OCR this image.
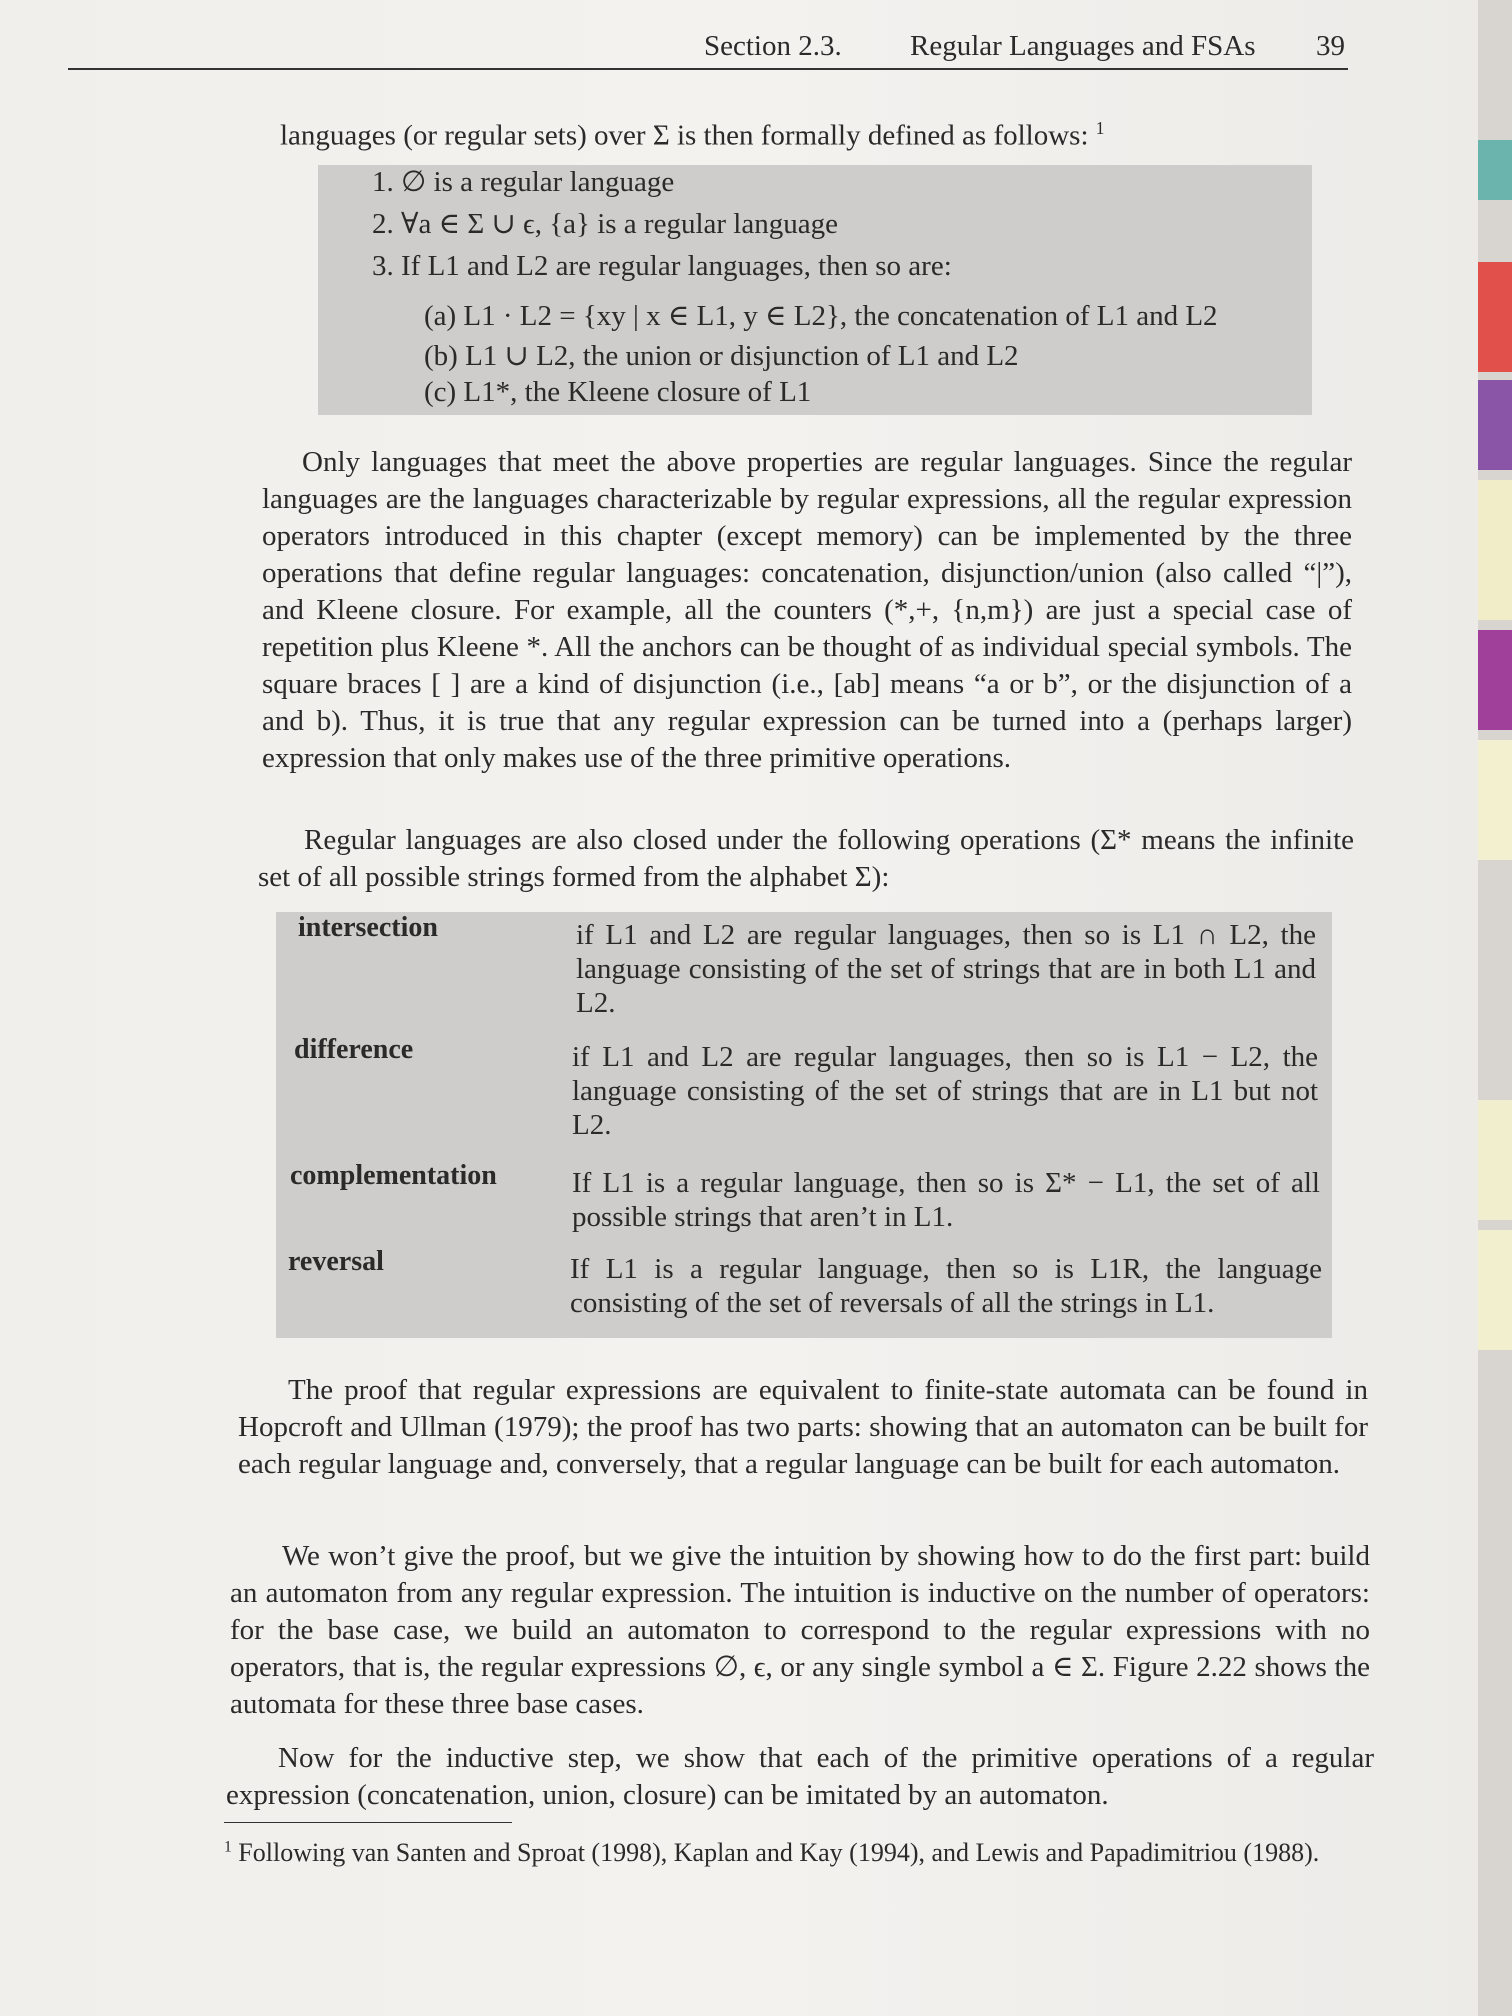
Section 2.3. Regular Languages and FSAs 39
languages (or regular sets) over Σ is then formally defined as follows: $^1$
1. ∅ is a regular language
2. ∀a ∈ Σ ∪ ϵ, {a} is a regular language
3. If L1 and L2 are regular languages, then so are:
(a) L1 · L2 = {xy | x ∈ L1, y ∈ L2}, the concatenation of L1 and L2
(b) L1 ∪ L2, the union or disjunction of L1 and L2
(c) L1*, the Kleene closure of L1
Only languages that meet the above properties are regular languages. Since the regular languages are the languages characterizable by regular expressions, all the regular expression operators introduced in this chapter (except memory) can be implemented by the three operations that define regular languages: concatenation, disjunction/union (also called “|”), and Kleene closure. For example, all the counters (*,+, {n,m}) are just a special case of repetition plus Kleene *. All the anchors can be thought of as individual special symbols. The square braces [ ] are a kind of disjunction (i.e., [ab] means “a or b”, or the disjunction of a and b). Thus, it is true that any regular expression can be turned into a (perhaps larger) expression that only makes use of the three primitive operations.
Regular languages are also closed under the following operations (Σ* means the infinite set of all possible strings formed from the alphabet Σ):
intersection	if L1 and L2 are regular languages, then so is L1 ∩ L2, the language consisting of the set of strings that are in both L1 and L2.
difference	if L1 and L2 are regular languages, then so is L1 − L2, the language consisting of the set of strings that are in L1 but not L2.
complementation	If L1 is a regular language, then so is Σ* − L1, the set of all possible strings that aren’t in L1.
reversal	If L1 is a regular language, then so is L1R, the language consisting of the set of reversals of all the strings in L1.
The proof that regular expressions are equivalent to finite-state automata can be found in Hopcroft and Ullman (1979); the proof has two parts: showing that an automaton can be built for each regular language and, conversely, that a regular language can be built for each automaton.
We won’t give the proof, but we give the intuition by showing how to do the first part: build an automaton from any regular expression. The intuition is inductive on the number of operators: for the base case, we build an automaton to correspond to the regular expressions with no operators, that is, the regular expressions ∅, ϵ, or any single symbol a ∈ Σ. Figure 2.22 shows the automata for these three base cases.
Now for the inductive step, we show that each of the primitive operations of a regular expression (concatenation, union, closure) can be imitated by an automaton.
$^1$ Following van Santen and Sproat (1998), Kaplan and Kay (1994), and Lewis and Papadimitriou (1988).
